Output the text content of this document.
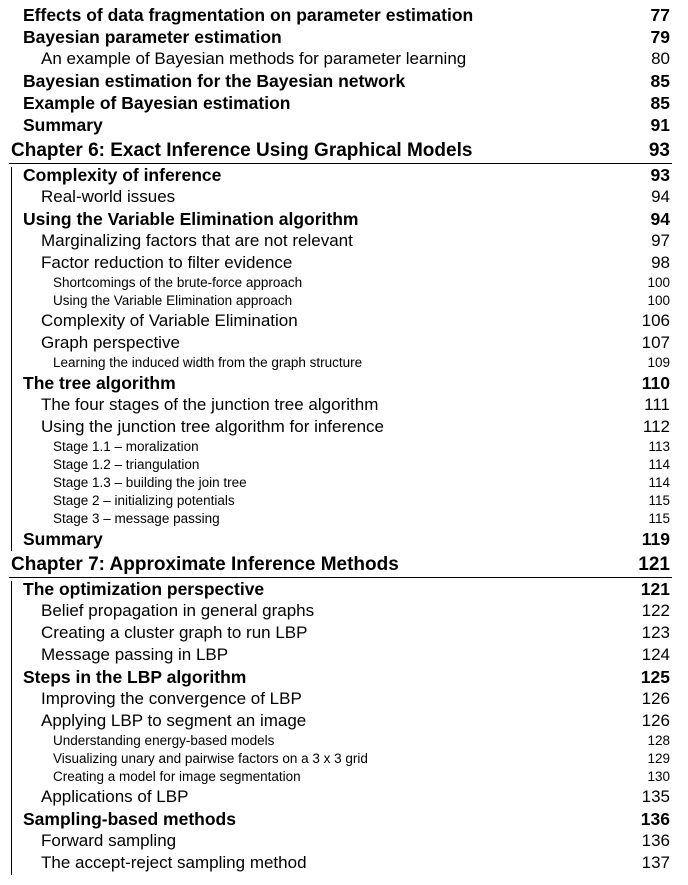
Effects of data fragmentation on parameter estimation	77
Bayesian parameter estimation	79
An example of Bayesian methods for parameter learning	80
Bayesian estimation for the Bayesian network	85
Example of Bayesian estimation	85
Summary	91
Chapter 6: Exact Inference Using Graphical Models	93
Complexity of inference	93
Real-world issues	94
Using the Variable Elimination algorithm	94
Marginalizing factors that are not relevant	97
Factor reduction to filter evidence	98
Shortcomings of the brute-force approach	100
Using the Variable Elimination approach	100
Complexity of Variable Elimination	106
Graph perspective	107
Learning the induced width from the graph structure	109
The tree algorithm	110
The four stages of the junction tree algorithm	111
Using the junction tree algorithm for inference	112
Stage 1.1 – moralization	113
Stage 1.2 – triangulation	114
Stage 1.3 – building the join tree	114
Stage 2 – initializing potentials	115
Stage 3 – message passing	115
Summary	119
Chapter 7: Approximate Inference Methods	121
The optimization perspective	121
Belief propagation in general graphs	122
Creating a cluster graph to run LBP	123
Message passing in LBP	124
Steps in the LBP algorithm	125
Improving the convergence of LBP	126
Applying LBP to segment an image	126
Understanding energy-based models	128
Visualizing unary and pairwise factors on a 3 x 3 grid	129
Creating a model for image segmentation	130
Applications of LBP	135
Sampling-based methods	136
Forward sampling	136
The accept-reject sampling method	137
